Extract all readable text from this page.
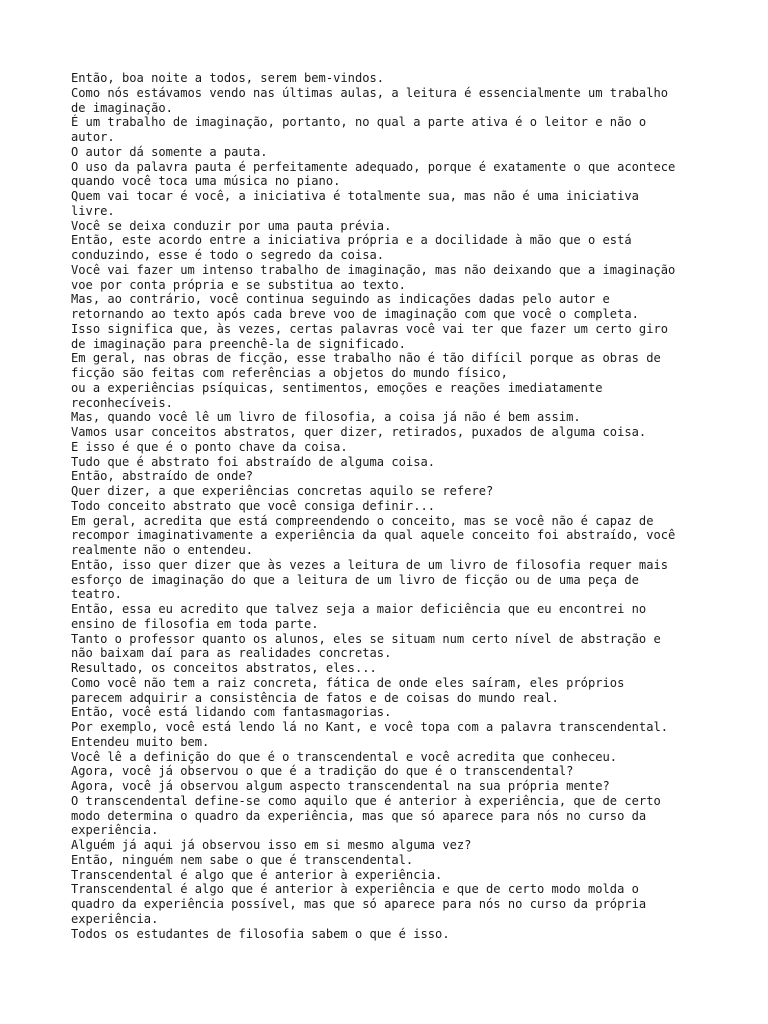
Então, boa noite a todos, serem bem-vindos.

Como nós estávamos vendo nas últimas aulas, a leitura é essencialmente um trabalho
de imaginação.

É um trabalho de imaginação, portanto, no qual a parte ativa é o leitor e não o
autor.

O autor dá somente a pauta.

O uso da palavra pauta é perfeitamente adequado, porque é exatamente o que acontece
quando você toca uma música no piano.

Quem vai tocar é você, a iniciativa é totalmente sua, mas não é uma iniciativa
livre.

Você se deixa conduzir por uma pauta prévia.

Então, este acordo entre a iniciativa própria e a docilidade à mão que o está
conduzindo, esse é todo o segredo da coisa.

Você vai fazer um intenso trabalho de imaginação, mas não deixando que a imaginação
voe por conta própria e se substitua ao texto.

Mas, ao contrário, você continua seguindo as indicações dadas pelo autor e
retornando ao texto após cada breve voo de imaginação com que você o completa.

Isso significa que, às vezes, certas palavras você vai ter que fazer um certo giro
de imaginação para preenchê-la de significado.

Em geral, nas obras de ficção, esse trabalho não é tão difícil porque as obras de
ficção são feitas com referências a objetos do mundo físico,

ou a experiências psíquicas, sentimentos, emoções e reações imediatamente
reconhecíveis.

Mas, quando você lê um livro de filosofia, a coisa já não é bem assim.

Vamos usar conceitos abstratos, quer dizer, retirados, puxados de alguma coisa.

E isso é que é o ponto chave da coisa.

Tudo que é abstrato foi abstraído de alguma coisa.

Então, abstraído de onde?

Quer dizer, a que experiências concretas aquilo se refere?

Todo conceito abstrato que você consiga definir...

Em geral, acredita que está compreendendo o conceito, mas se você não é capaz de
recompor imaginativamente a experiência da qual aquele conceito foi abstraído, você
realmente não o entendeu.

Então, isso quer dizer que às vezes a leitura de um livro de filosofia requer mais
esforço de imaginação do que a leitura de um livro de ficção ou de uma peça de
teatro.

Então, essa eu acredito que talvez seja a maior deficiência que eu encontrei no
ensino de filosofia em toda parte.

Tanto o professor quanto os alunos, eles se situam num certo nível de abstração e
não baixam daí para as realidades concretas.

Resultado, os conceitos abstratos, eles...

Como você não tem a raiz concreta, fática de onde eles saíram, eles próprios
parecem adquirir a consistência de fatos e de coisas do mundo real.

Então, você está lidando com fantasmagorias.

Por exemplo, você está lendo lá no Kant, e você topa com a palavra transcendental.

Entendeu muito bem.

Você lê a definição do que é o transcendental e você acredita que conheceu.

Agora, você já observou o que é a tradição do que é o transcendental?

Agora, você já observou algum aspecto transcendental na sua própria mente?

O transcendental define-se como aquilo que é anterior à experiência, que de certo
modo determina o quadro da experiência, mas que só aparece para nós no curso da
experiência.

Alguém já aqui já observou isso em si mesmo alguma vez?

Então, ninguém nem sabe o que é transcendental.

Transcendental é algo que é anterior à experiência.

Transcendental é algo que é anterior à experiência e que de certo modo molda o
quadro da experiência possível, mas que só aparece para nós no curso da própria
experiência.

Todos os estudantes de filosofia sabem o que é isso.
